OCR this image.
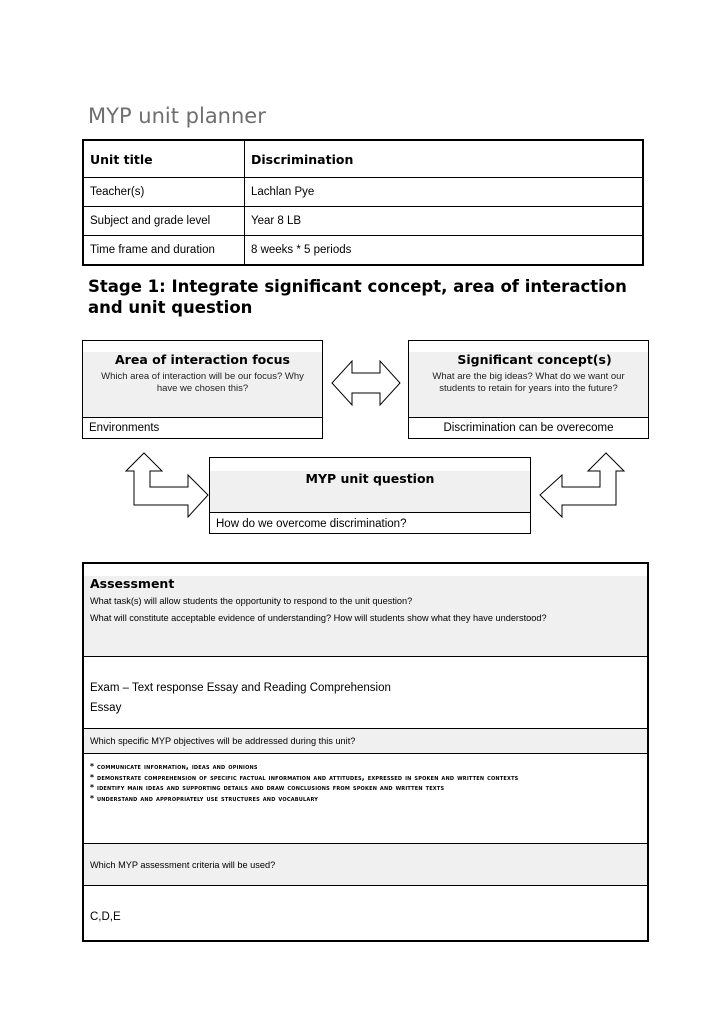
MYP unit planner
Unit title	Discrimination
Teacher(s)	Lachlan Pye
Subject and grade level	Year 8 LB
Time frame and duration	8 weeks * 5 periods
Stage 1: Integrate significant concept, area of interaction and unit question
Area of interaction focus
Which area of interaction will be our focus? Why have we chosen this?
Environments
Significant concept(s)
What are the big ideas? What do we want our students to retain for years into the future?
Discrimination can be overecome
MYP unit question
How do we overcome discrimination?
Assessment
What task(s) will allow students the opportunity to respond to the unit question?
What will constitute acceptable evidence of understanding? How will students show what they have understood?
Exam – Text response Essay and Reading Comprehension
Essay
Which specific MYP objectives will be addressed during this unit?
* communicate information, ideas and opinions
* demonstrate comprehension of specific factual information and attitudes, expressed in spoken and written contexts
* identify main ideas and supporting details and draw conclusions from spoken and written texts
* understand and appropriately use structures and vocabulary
Which MYP assessment criteria will be used?
C,D,E
